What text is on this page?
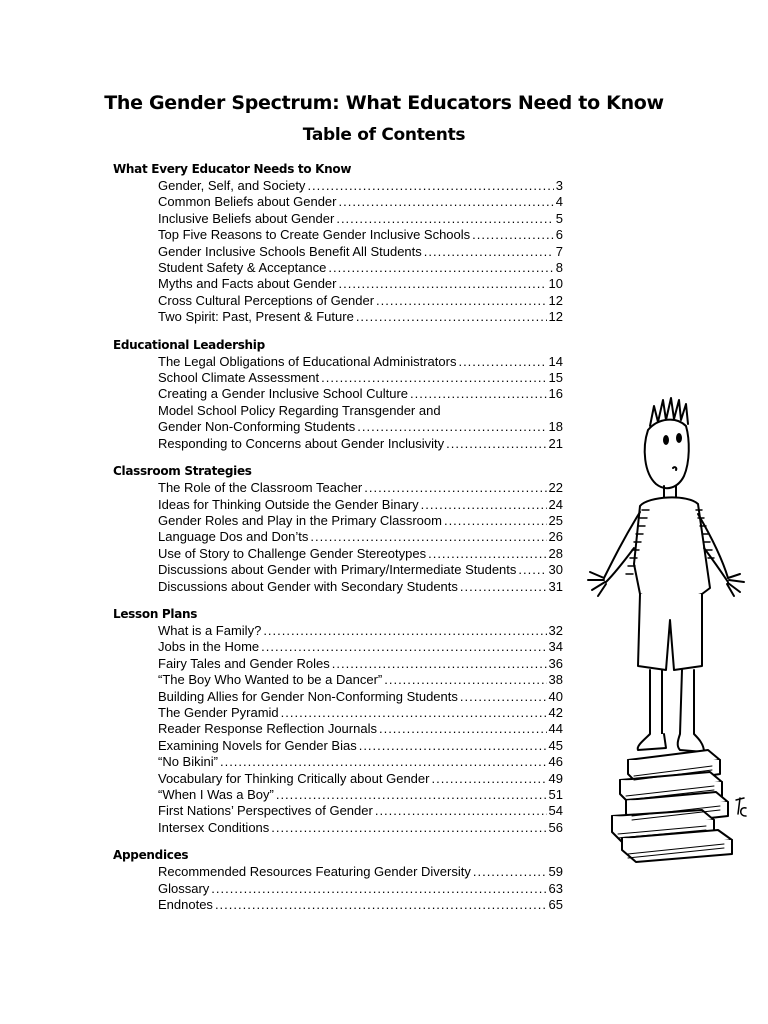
The Gender Spectrum: What Educators Need to Know
Table of Contents
What Every Educator Needs to Know
Gender, Self, and Society .....	3
Common Beliefs about Gender .....	4
Inclusive Beliefs about Gender .....	5
Top Five Reasons to Create Gender Inclusive Schools .....	6
Gender Inclusive Schools Benefit All Students .....	7
Student Safety & Acceptance .....	8
Myths and Facts about Gender .....	10
Cross Cultural Perceptions of Gender .....	12
Two Spirit: Past, Present & Future .....	12
Educational Leadership
The Legal Obligations of Educational Administrators .....	14
School Climate Assessment .....	15
Creating a Gender Inclusive School Culture .....	16
Model School Policy Regarding Transgender and
Gender Non-Conforming Students .....	18
Responding to Concerns about Gender Inclusivity .....	21
Classroom Strategies
The Role of the Classroom Teacher .....	22
Ideas for Thinking Outside the Gender Binary .....	24
Gender Roles and Play in the Primary Classroom .....	25
Language Dos and Don’ts .....	26
Use of Story to Challenge Gender Stereotypes .....	28
Discussions about Gender with Primary/Intermediate Students ..... 30
Discussions about Gender with Secondary Students .....	31
Lesson Plans
What is a Family? .....	32
Jobs in the Home .....	34
Fairy Tales and Gender Roles .....	36
“The Boy Who Wanted to be a Dancer” .....	38
Building Allies for Gender Non-Conforming Students .....	40
The Gender Pyramid .....	42
Reader Response Reflection Journals .....	44
Examining Novels for Gender Bias .....	45
“No Bikini” .....	46
Vocabulary for Thinking Critically about Gender .....	49
“When I Was a Boy” .....	51
First Nations’ Perspectives of Gender .....	54
Intersex Conditions .....	56
Appendices
Recommended Resources Featuring Gender Diversity .....	59
Glossary .....	63
Endnotes .....	65
